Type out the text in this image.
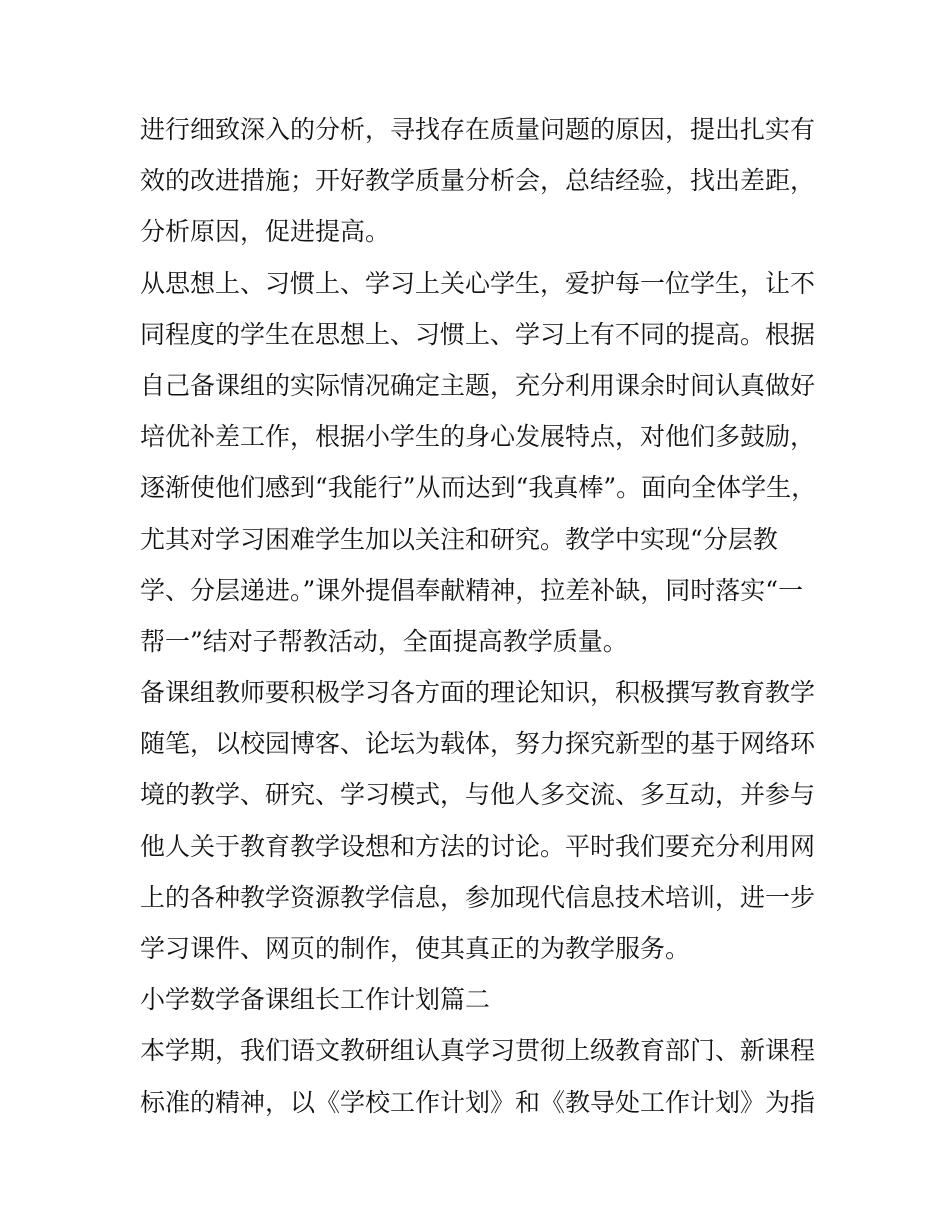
进行细致深入的分析，寻找存在质量问题的原因，提出扎实有
效的改进措施；开好教学质量分析会，总结经验，找出差距，
分析原因，促进提高。
从思想上、习惯上、学习上关心学生，爱护每一位学生，让不
同程度的学生在思想上、习惯上、学习上有不同的提高。根据
自己备课组的实际情况确定主题，充分利用课余时间认真做好
培优补差工作，根据小学生的身心发展特点，对他们多鼓励，
逐渐使他们感到“我能行”从而达到“我真棒”。面向全体学生，
尤其对学习困难学生加以关注和研究。教学中实现“分层教
学、分层递进。”课外提倡奉献精神，拉差补缺，同时落实“一
帮一”结对子帮教活动，全面提高教学质量。
备课组教师要积极学习各方面的理论知识，积极撰写教育教学
随笔，以校园博客、论坛为载体，努力探究新型的基于网络环
境的教学、研究、学习模式，与他人多交流、多互动，并参与
他人关于教育教学设想和方法的讨论。平时我们要充分利用网
上的各种教学资源教学信息，参加现代信息技术培训，进一步
学习课件、网页的制作，使其真正的为教学服务。
小学数学备课组长工作计划篇二
本学期，我们语文教研组认真学习贯彻上级教育部门、新课程
标准的精神，以《学校工作计划》和《教导处工作计划》为指
